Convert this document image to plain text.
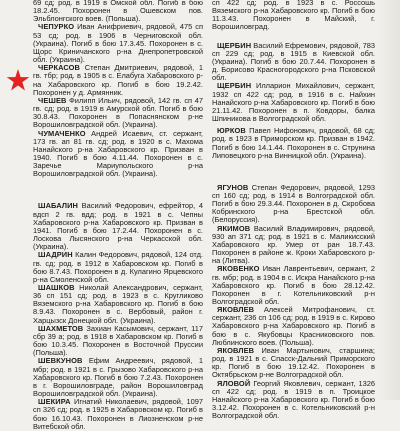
69 сд; род. в 1919 в Омской обл. Погиб в бою 18.2.45. Похоронен в Ошевском пов. Эльблонгского воев. (Польша).

ЧЕПУРКО Иван Анифриевич, рядовой, 475 сп 53 сд; род. в 1906 в Черниговской обл. (Украина). Погиб в бою 17.3.45. Похоронен в с. Щорс Криничанского р-на Днепропетровской обл. (Украина).

ЧЕРКАСОВ Степан Дмитриевич, рядовой, 1 гв. тбр; род. в 1905 в с. Елабуга Хабаровского р-на Хабаровского кр. Погиб в бою 19.2.42. Похоронен у д. Армянник.

ЧЕШЕВ Филипп Ильич, рядовой, 142 гв. сп 47 гв. сд; род. в 1919 в Амурской обл. Погиб в бою 30.8.43. Похоронен в Попаснянском р-не Ворошиловградской обл. (Украина).

ЧУМАЧЕНКО Андрей Исаевич, ст. сержант, 173 гв. ап 81 гв. сд; род. в 1920 в с. Махома Нанайского р-на Хабаровского кр. Призван в 1940. Погиб в бою 4.11.44. Похоронен в с. Заречье Мариупольского р-на Ворошиловградской обл. (Украина).

ШАБАЛИН Василий Федорович, ефрейтор, 4 вдсп 2 гв. вдд; род. в 1921 в с. Чепны Хабаровского р-на Хабаровского кр. Призван в 1941. Погиб в бою 17.2.44. Похоронен в с. Лоскова Лысянского р-на Черкасской обл. (Украина).

ШАДРИН Калин Федорович, рядовой, 124 отд. гв. сд; род. в 1912 в Хабаровском кр. Погиб в бою 8.7.43. Похоронен в д. Кулагино Ярцевского р-на Смоленской обл.

ШАШКОВ Николай Александрович, сержант, 36 сп 151 сд; род. в 1923 в с. Кругликово Вяземского р-на Хабаровского кр. Погиб в бою 8.9.43. Похоронен в с. Вербовый, район г. Харцызск Донецкой обл. (Украина).

ШАХМЕТОВ Захиан Касымович, сержант, 117 сбр 39 а; род. в 1918 в Хабаровском кр. Погиб в бою 10.3.45. Похоронен в Восточной Пруссии (Польша).

ШЕВКУНОВ Ефим Андреевич, рядовой, 1 мбр; род. в 1921 в с. Грызово Хабаровского р-на Хабаровского кр. Погиб в бою 7.2.43. Похоронен в г. Ворошиловграде, район Ворошиловград Ворошиловградской обл. (Украина).

ШЕКИРА Игнатий Николаевич, рядовой, 1097 сп 326 сд; род. в 1925 в Хабаровском кр. Погиб в бою 16.10.43. Похоронен в Лиозненском р-не Витебской обл.

сп 422 сд; род. в 1923 в с. Россошь Вяземского р-на Хабаровского кр. Погиб в бою 11.3.43. Похоронен в Майский, г. Ворошиловград.

ЩЕРБИН Василий Ефремович, рядовой, 783 сп 229 сд; род. в 1915 в Киевской обл. (Украина). Погиб в бою 20.7.44. Похоронен в д. Борисово Красногородского р-на Псковской обл.

ЩЕРБИН Илларион Михайлович, сержант, 1932 сп 422 сд; род. в 1916 в с. Найхин Нанайского р-на Хабаровского кр. Погиб в бою 21.11.42. Похоронен в п. Ковдоры, балка Шпиникова в Волгоградской обл.

ЮРКОВ Павел Нифонович, рядовой, 68 сд; род. в 1923 в Приморском кр. Призван в 1942. Погиб в бою 14.1.44. Похоронен в с. Струнина Липовецкого р-на Винницкой обл. (Украина).

ЯГУНОВ Степан Федорович, рядовой, 1293 сп 160 сд; род. в 1914 в Волгоградской обл. Погиб в бою 29.3.44. Похоронен в д. Скробова Кобринского р-на Брестской обл. (Белоруссия).

ЯКИМОВ Василий Владимирович, рядовой, 930 ап 371 сд; род. в 1921 в с. Маликисский Хабаровского кр. Умер от ран 18.7.43. Похоронен в районе ж. Кроки Хабаровского р-на (Литва).

ЯКОВЕНКО Иван Лаврентьевич, сержант, 2 гв. мбр; род. в 1904 в с. Искра Нанайского р-на Хабаровского кр. Погиб в бою 28.12.42. Похоронен в г. Котельниковский р-н Волгоградской обл.

ЯКОВЛЕВ Алексей Митрофанович, ст. сержант, 236 сп 106 сд; род. в 1919 в с. Кирово Хабаровского р-на Хабаровского кр. Погиб в бою в с. Якубовцы Красниковского пов. Люблинского воев. (Польша).

ЯКОВЛЕВ Иван Мартынович, старшина; род. в 1921 в с. Спасск-Дальний Приморского кр. Погиб в бою 19.12.42. Похоронен в Октябрьском р-не Волгоградской обл.

ЯЛОВОЙ Георгий Яковлевич, сержант, 1326 сп 422 сд; род. в 1919 в п. Троицкое Нанайского р-на Хабаровского кр. Погиб в бою 3.12.42. Похоронен в с. Котельниковский р-н Волгоградской обл.
